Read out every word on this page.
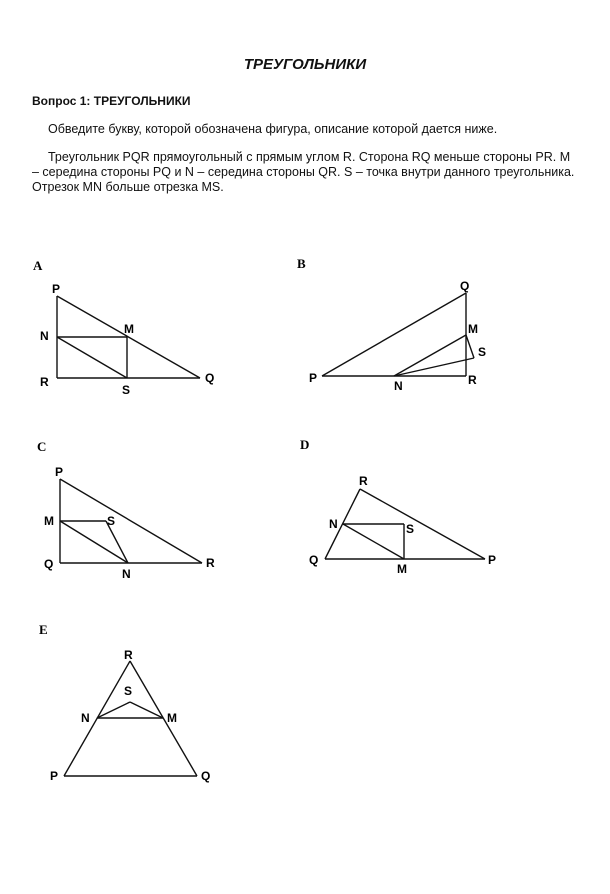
ТРЕУГОЛЬНИКИ
Вопрос 1: ТРЕУГОЛЬНИКИ
Обведите букву, которой обозначена фигура, описание которой дается ниже.
Треугольник PQR прямоугольный с прямым углом R. Сторона RQ меньше стороны PR. M – середина стороны PQ и N – середина стороны QR. S – точка внутри данного треугольника. Отрезок MN больше отрезка MS.
A
P
N	M
R
S
Q
B
Q
M
S
P
N	R
C
P
M	S
Q
N
R
D
R
N	S
Q
M
P
E
R
S
N	M
P	Q
